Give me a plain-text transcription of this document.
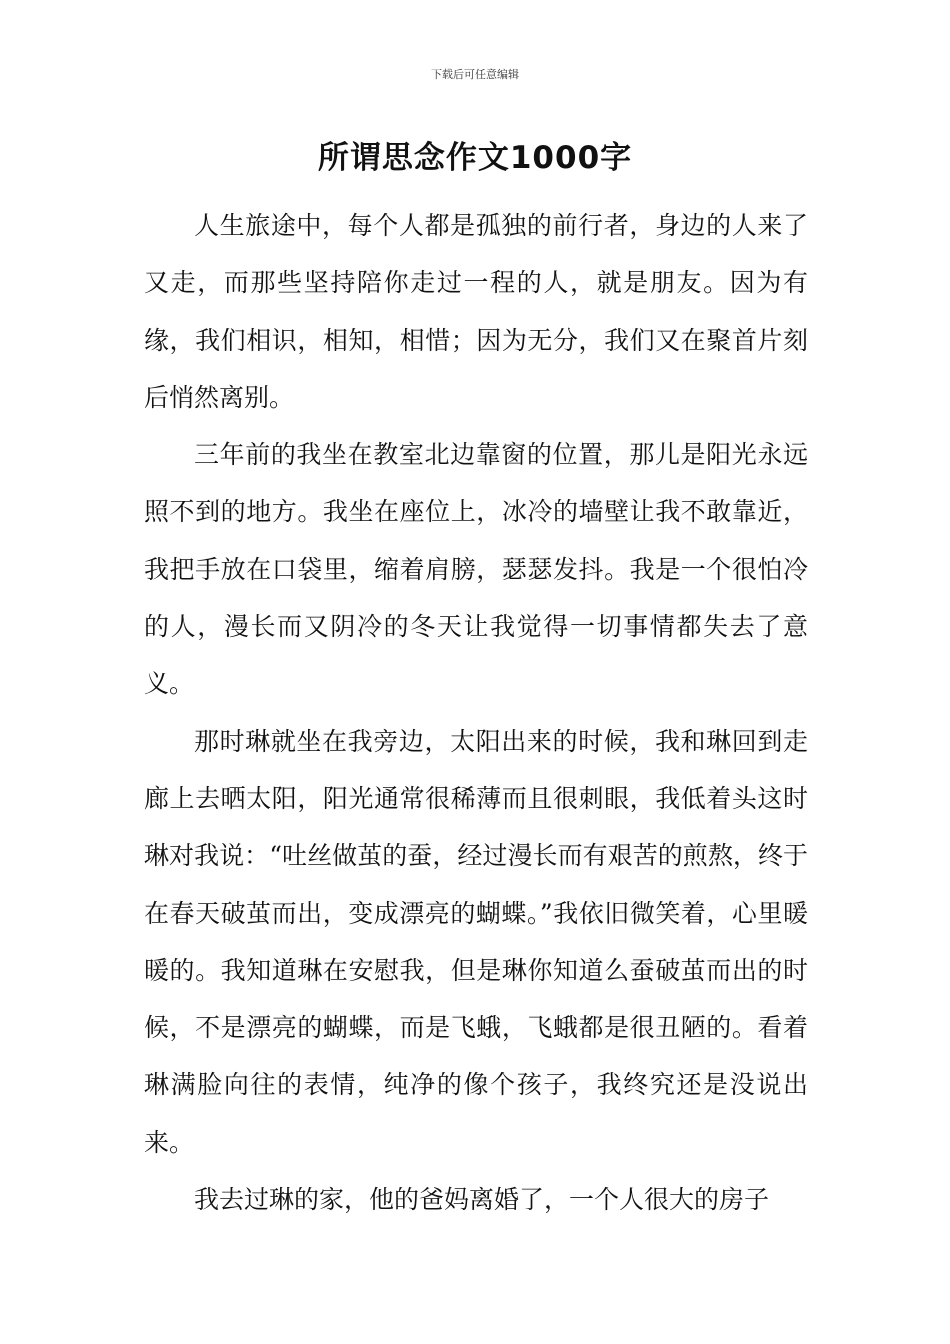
下载后可任意编辑
所谓思念作文1000字

人生旅途中，每个人都是孤独的前行者，身边的人来了又走，而那些坚持陪你走过一程的人，就是朋友。因为有缘，我们相识，相知，相惜；因为无分，我们又在聚首片刻后悄然离别。

三年前的我坐在教室北边靠窗的位置，那儿是阳光永远照不到的地方。我坐在座位上，冰冷的墙壁让我不敢靠近，我把手放在口袋里，缩着肩膀，瑟瑟发抖。我是一个很怕冷的人，漫长而又阴冷的冬天让我觉得一切事情都失去了意义。

那时琳就坐在我旁边，太阳出来的时候，我和琳回到走廊上去晒太阳，阳光通常很稀薄而且很刺眼，我低着头这时琳对我说：“吐丝做茧的蚕，经过漫长而有艰苦的煎熬，终于在春天破茧而出，变成漂亮的蝴蝶。”我依旧微笑着，心里暖暖的。我知道琳在安慰我，但是琳你知道么蚕破茧而出的时候，不是漂亮的蝴蝶，而是飞蛾，飞蛾都是很丑陋的。看着琳满脸向往的表情，纯净的像个孩子，我终究还是没说出来。

我去过琳的家，他的爸妈离婚了，一个人很大的房子
